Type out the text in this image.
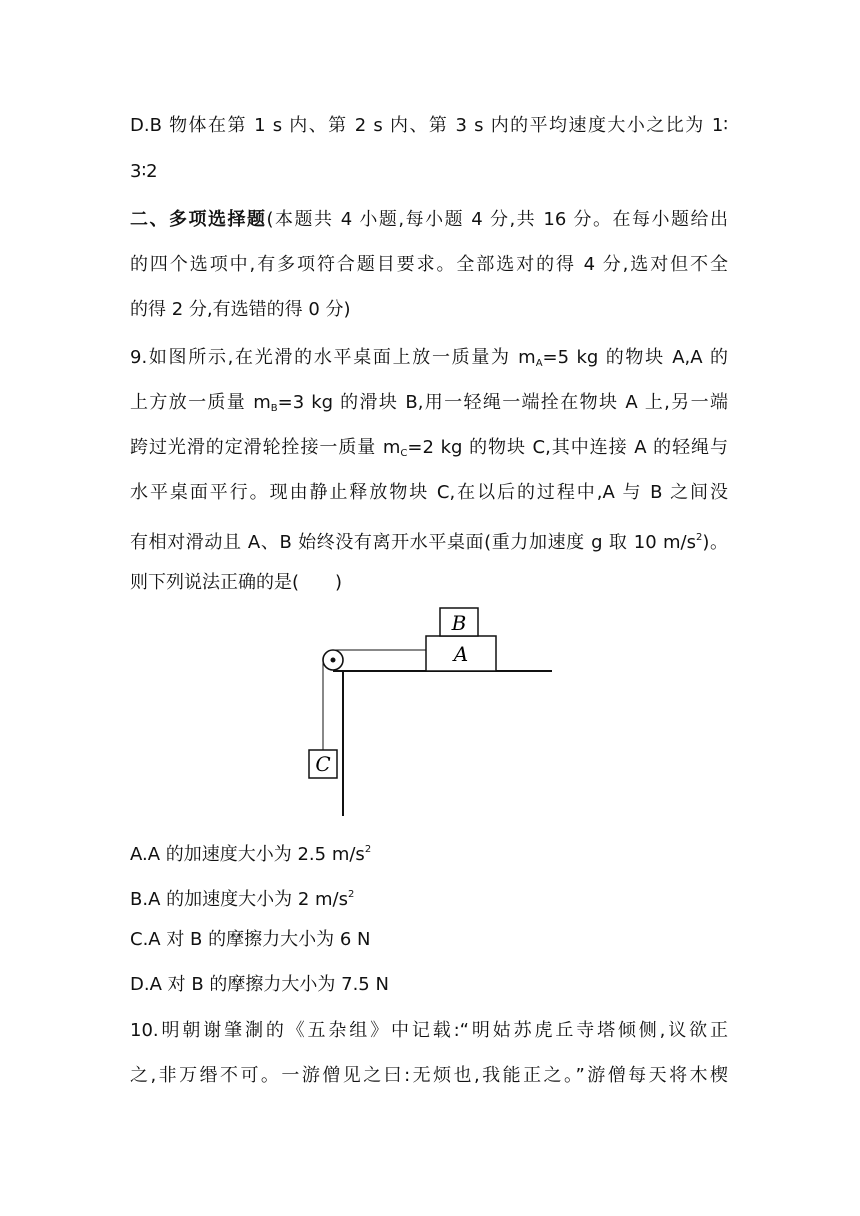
D.B 物体在第 1 s 内、第 2 s 内、第 3 s 内的平均速度大小之比为 1∶
3∶2
二、多项选择题(本题共 4 小题,每小题 4 分,共 16 分。在每小题给出
的四个选项中,有多项符合题目要求。全部选对的得 4 分,选对但不全
的得 2 分,有选错的得 0 分)
9.如图所示,在光滑的水平桌面上放一质量为 $m_A=5$ kg 的物块 A,A 的
上方放一质量 $m_B=3$ kg 的滑块 B,用一轻绳一端拴在物块 A 上,另一端
跨过光滑的定滑轮拴接一质量 $m_C=2$ kg 的物块 C,其中连接 A 的轻绳与
水平桌面平行。现由静止释放物块 C,在以后的过程中,A 与 B 之间没
有相对滑动且 A、B 始终没有离开水平桌面(重力加速度 g 取 10 $m/s^2$)。
则下列说法正确的是(　　)
A
B
C
A.A 的加速度大小为 2.5 $m/s^2$
B.A 的加速度大小为 2 $m/s^2$
C.A 对 B 的摩擦力大小为 6 N
D.A 对 B 的摩擦力大小为 7.5 N
10.明朝谢肇淛的《五杂组》中记载:“明姑苏虎丘寺塔倾侧,议欲正
之,非万缗不可。一游僧见之曰:无烦也,我能正之。”游僧每天将木楔
